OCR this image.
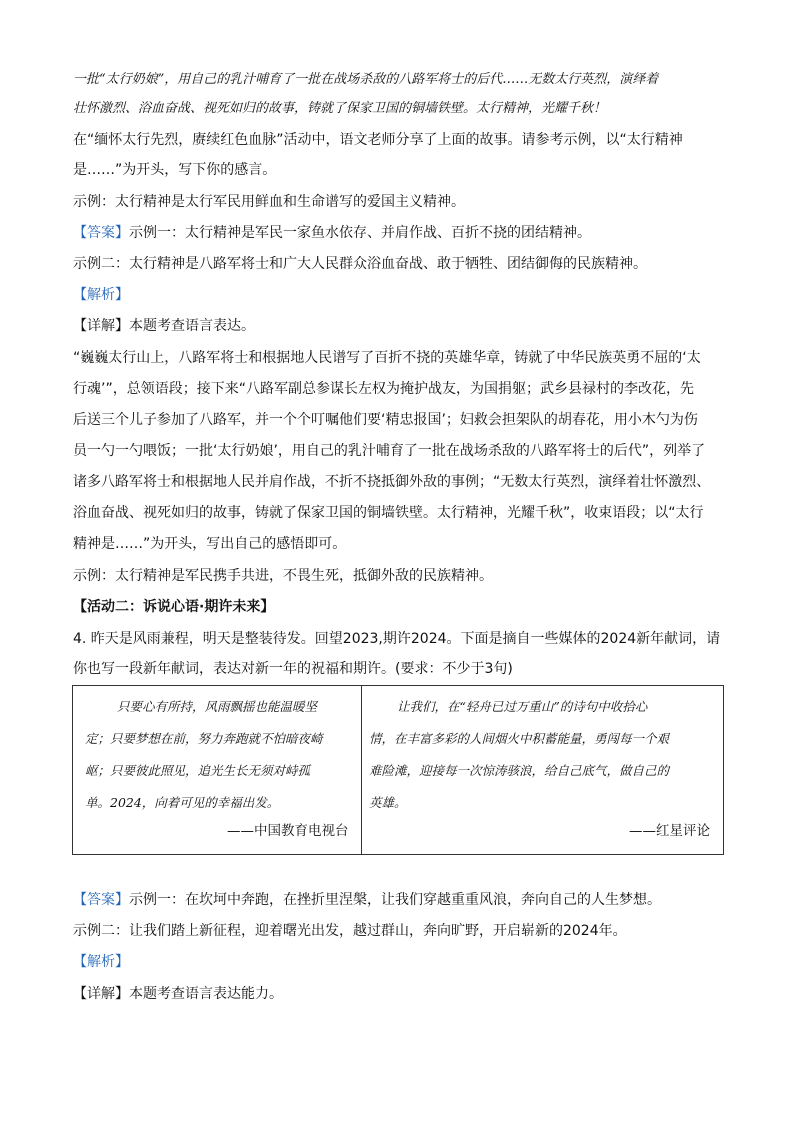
一批“太行奶娘”，用自己的乳汁哺育了一批在战场杀敌的八路军将士的后代……无数太行英烈，演绎着
壮怀激烈、浴血奋战、视死如归的故事，铸就了保家卫国的铜墙铁壁。太行精神，光耀千秋！
在“缅怀太行先烈，赓续红色血脉”活动中，语文老师分享了上面的故事。请参考示例，以“太行精神
是……”为开头，写下你的感言。
示例：太行精神是太行军民用鲜血和生命谱写的爱国主义精神。
【答案】示例一：太行精神是军民一家鱼水依存、并肩作战、百折不挠的团结精神。
示例二：太行精神是八路军将士和广大人民群众浴血奋战、敢于牺牲、团结御侮的民族精神。
【解析】
【详解】本题考查语言表达。
“巍巍太行山上，八路军将士和根据地人民谱写了百折不挠的英雄华章，铸就了中华民族英勇不屈的‘太
行魂’”，总领语段；接下来“八路军副总参谋长左权为掩护战友，为国捐躯；武乡县禄村的李改花，先
后送三个儿子参加了八路军，并一个个叮嘱他们要‘精忠报国’；妇救会担架队的胡春花，用小木勺为伤
员一勺一勺喂饭；一批‘太行奶娘’，用自己的乳汁哺育了一批在战场杀敌的八路军将士的后代”，列举了
诸多八路军将士和根据地人民并肩作战，不折不挠抵御外敌的事例；“无数太行英烈，演绎着壮怀激烈、
浴血奋战、视死如归的故事，铸就了保家卫国的铜墙铁壁。太行精神，光耀千秋”，收束语段；以“太行
精神是……”为开头，写出自己的感悟即可。
示例：太行精神是军民携手共进，不畏生死，抵御外敌的民族精神。
【活动二：诉说心语·期许未来】
4. 昨天是风雨兼程，明天是整装待发。回望2023,期许2024。下面是摘自一些媒体的2024新年献词，请
你也写一段新年献词，表达对新一年的祝福和期许。(要求：不少于3句)
只要心有所持，风雨飘摇也能温暖坚
定；只要梦想在前，努力奔跑就不怕暗夜崎
岖；只要彼此照见，追光生长无须对峙孤
单。2024，向着可见的幸福出发。
——中国教育电视台
让我们，在“轻舟已过万重山”的诗句中收拾心
情，在丰富多彩的人间烟火中积蓄能量，勇闯每一个艰
难险滩，迎接每一次惊涛骇浪，给自己底气，做自己的
英雄。
——红星评论
【答案】示例一：在坎坷中奔跑，在挫折里涅槃，让我们穿越重重风浪，奔向自己的人生梦想。
示例二：让我们踏上新征程，迎着曙光出发，越过群山，奔向旷野，开启崭新的2024年。
【解析】
【详解】本题考查语言表达能力。
